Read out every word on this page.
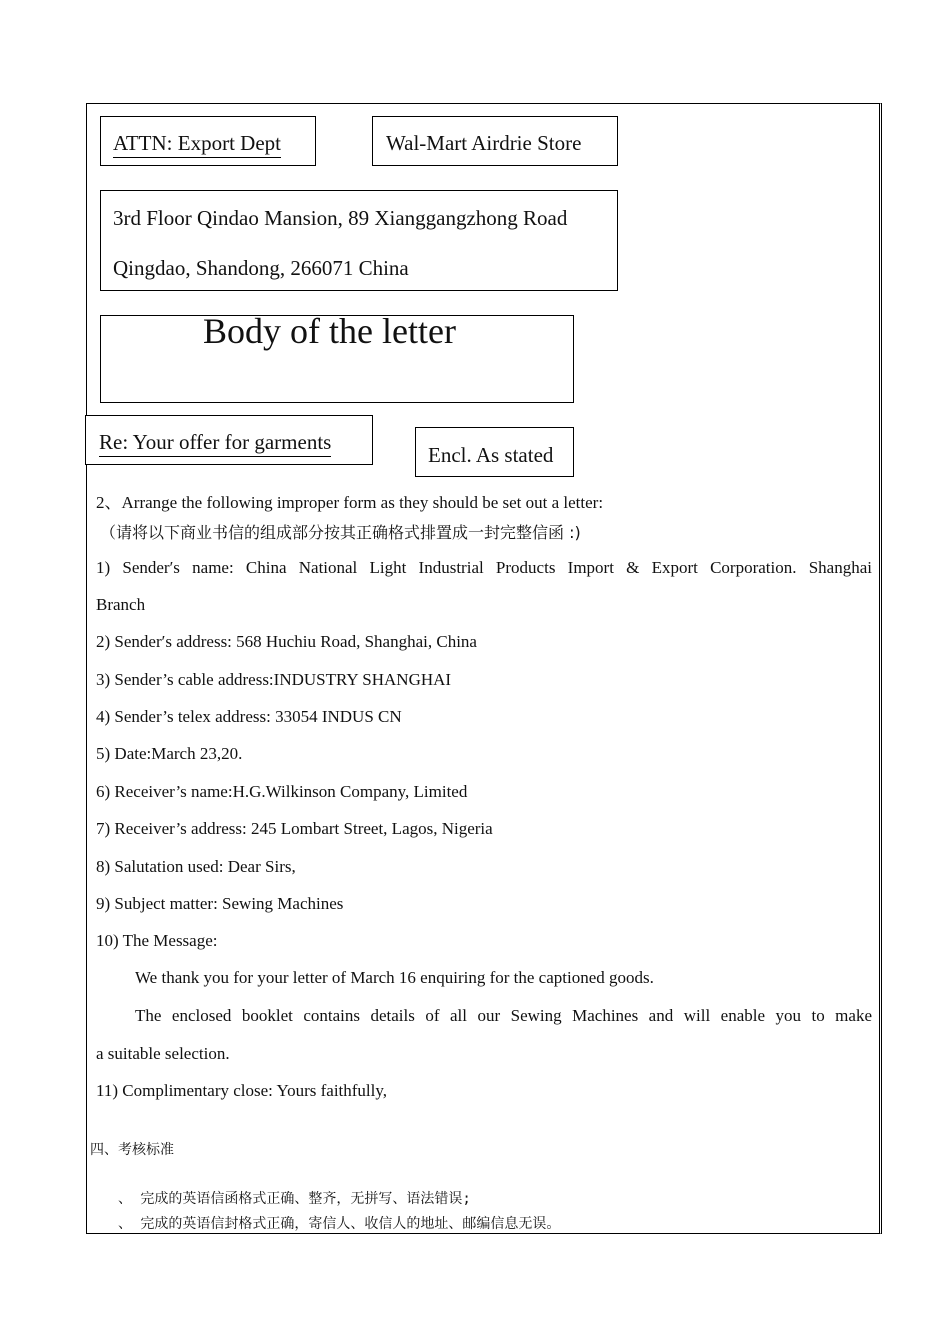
ATTN: Export Dept	Wal-Mart Airdrie Store
3rd Floor Qindao Mansion, 89 Xianggangzhong Road
Qingdao, Shandong, 266071 China
Body of the letter
Re: Your offer for garments
Encl. As stated
2、Arrange the following improper form as they should be set out a letter:
（请将以下商业书信的组成部分按其正确格式排置成一封完整信函 :)
1) Sender′s name: China National Light Industrial Products Import & Export Corporation. Shanghai
Branch
2) Sender′s address: 568 Huchiu Road, Shanghai, China
3) Sender’s cable address:INDUSTRY SHANGHAI
4) Sender’s telex address: 33054 INDUS CN
5) Date:March 23,20.
6) Receiver’s name:H.G.Wilkinson Company, Limited
7) Receiver’s address: 245 Lombart Street, Lagos, Nigeria
8) Salutation used: Dear Sirs,
9) Subject matter: Sewing Machines
10) The Message:
We thank you for your letter of March 16 enquiring for the captioned goods.
The enclosed booklet contains details of all our Sewing Machines and will enable you to make
a suitable selection.
11) Complimentary close: Yours faithfully,
四、考核标准
、 完成的英语信函格式正确、整齐，无拼写、语法错误;
、 完成的英语信封格式正确，寄信人、收信人的地址、邮编信息无误。
